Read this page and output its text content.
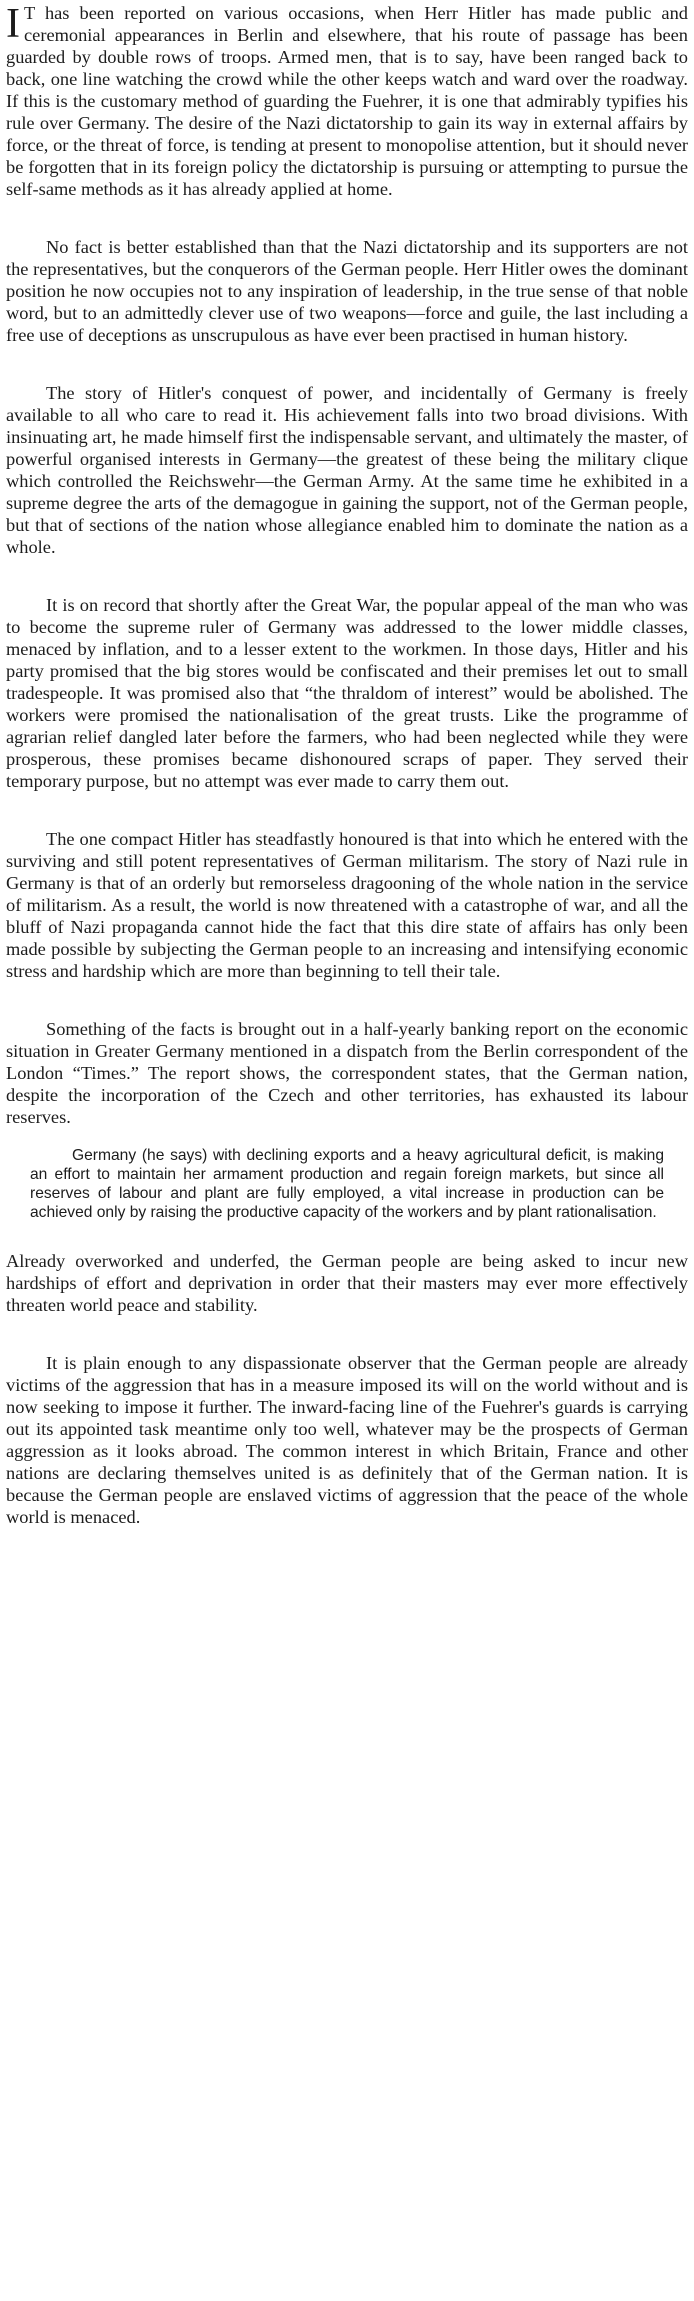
I T has been reported on various occasions, when Herr Hitler has made public and ceremonial appearances in Berlin and elsewhere, that his route of passage has been guarded by double rows of troops. Armed men, that is to say, have been ranged back to back, one line watching the crowd while the other keeps watch and ward over the roadway. If this is the customary method of guarding the Fuehrer, it is one that admirably typifies his rule over Germany. The desire of the Nazi dictatorship to gain its way in external affairs by force, or the threat of force, is tending at present to monopolise attention, but it should never be forgotten that in its foreign policy the dictatorship is pursuing or attempting to pursue the self-same methods as it has already applied at home.

No fact is better established than that the Nazi dictatorship and its supporters are not the representatives, but the conquerors of the German people. Herr Hitler owes the dominant position he now occupies not to any inspiration of leadership, in the true sense of that noble word, but to an admittedly clever use of two weapons—force and guile, the last including a free use of deceptions as unscrupulous as have ever been practised in human history.

The story of Hitler's conquest of power, and incidentally of Germany is freely available to all who care to read it. His achievement falls into two broad divisions. With insinuating art, he made himself first the indispensable servant, and ultimately the master, of powerful organised interests in Germany—the greatest of these being the military clique which controlled the Reichswehr—the German Army. At the same time he exhibited in a supreme degree the arts of the demagogue in gaining the support, not of the German people, but that of sections of the nation whose allegiance enabled him to dominate the nation as a whole.

It is on record that shortly after the Great War, the popular appeal of the man who was to become the supreme ruler of Germany was addressed to the lower middle classes, menaced by inflation, and to a lesser extent to the workmen. In those days, Hitler and his party promised that the big stores would be confiscated and their premises let out to small tradespeople. It was promised also that “the thraldom of interest” would be abolished. The workers were promised the nationalisation of the great trusts. Like the programme of agrarian relief dangled later before the farmers, who had been neglected while they were prosperous, these promises became dishonoured scraps of paper. They served their temporary purpose, but no attempt was ever made to carry them out.

The one compact Hitler has steadfastly honoured is that into which he entered with the surviving and still potent representatives of German militarism. The story of Nazi rule in Germany is that of an orderly but remorseless dragooning of the whole nation in the service of militarism. As a result, the world is now threatened with a catastrophe of war, and all the bluff of Nazi propaganda cannot hide the fact that this dire state of affairs has only been made possible by subjecting the German people to an increasing and intensifying economic stress and hardship which are more than beginning to tell their tale.

Something of the facts is brought out in a half-yearly banking report on the economic situation in Greater Germany mentioned in a dispatch from the Berlin correspondent of the London “Times.” The report shows, the correspondent states, that the German nation, despite the incorporation of the Czech and other territories, has exhausted its labour reserves.

Germany (he says) with declining exports and a heavy agricultural deficit, is making an effort to maintain her armament production and regain foreign markets, but since all reserves of labour and plant are fully employed, a vital increase in production can be achieved only by raising the productive capacity of the workers and by plant rationalisation.

Already overworked and underfed, the German people are being asked to incur new hardships of effort and deprivation in order that their masters may ever more effectively threaten world peace and stability.

It is plain enough to any dispassionate observer that the German people are already victims of the aggression that has in a measure imposed its will on the world without and is now seeking to impose it further. The inward-facing line of the Fuehrer's guards is carrying out its appointed task meantime only too well, whatever may be the prospects of German aggression as it looks abroad. The common interest in which Britain, France and other nations are declaring themselves united is as definitely that of the German nation. It is because the German people are enslaved victims of aggression that the peace of the whole world is menaced.
